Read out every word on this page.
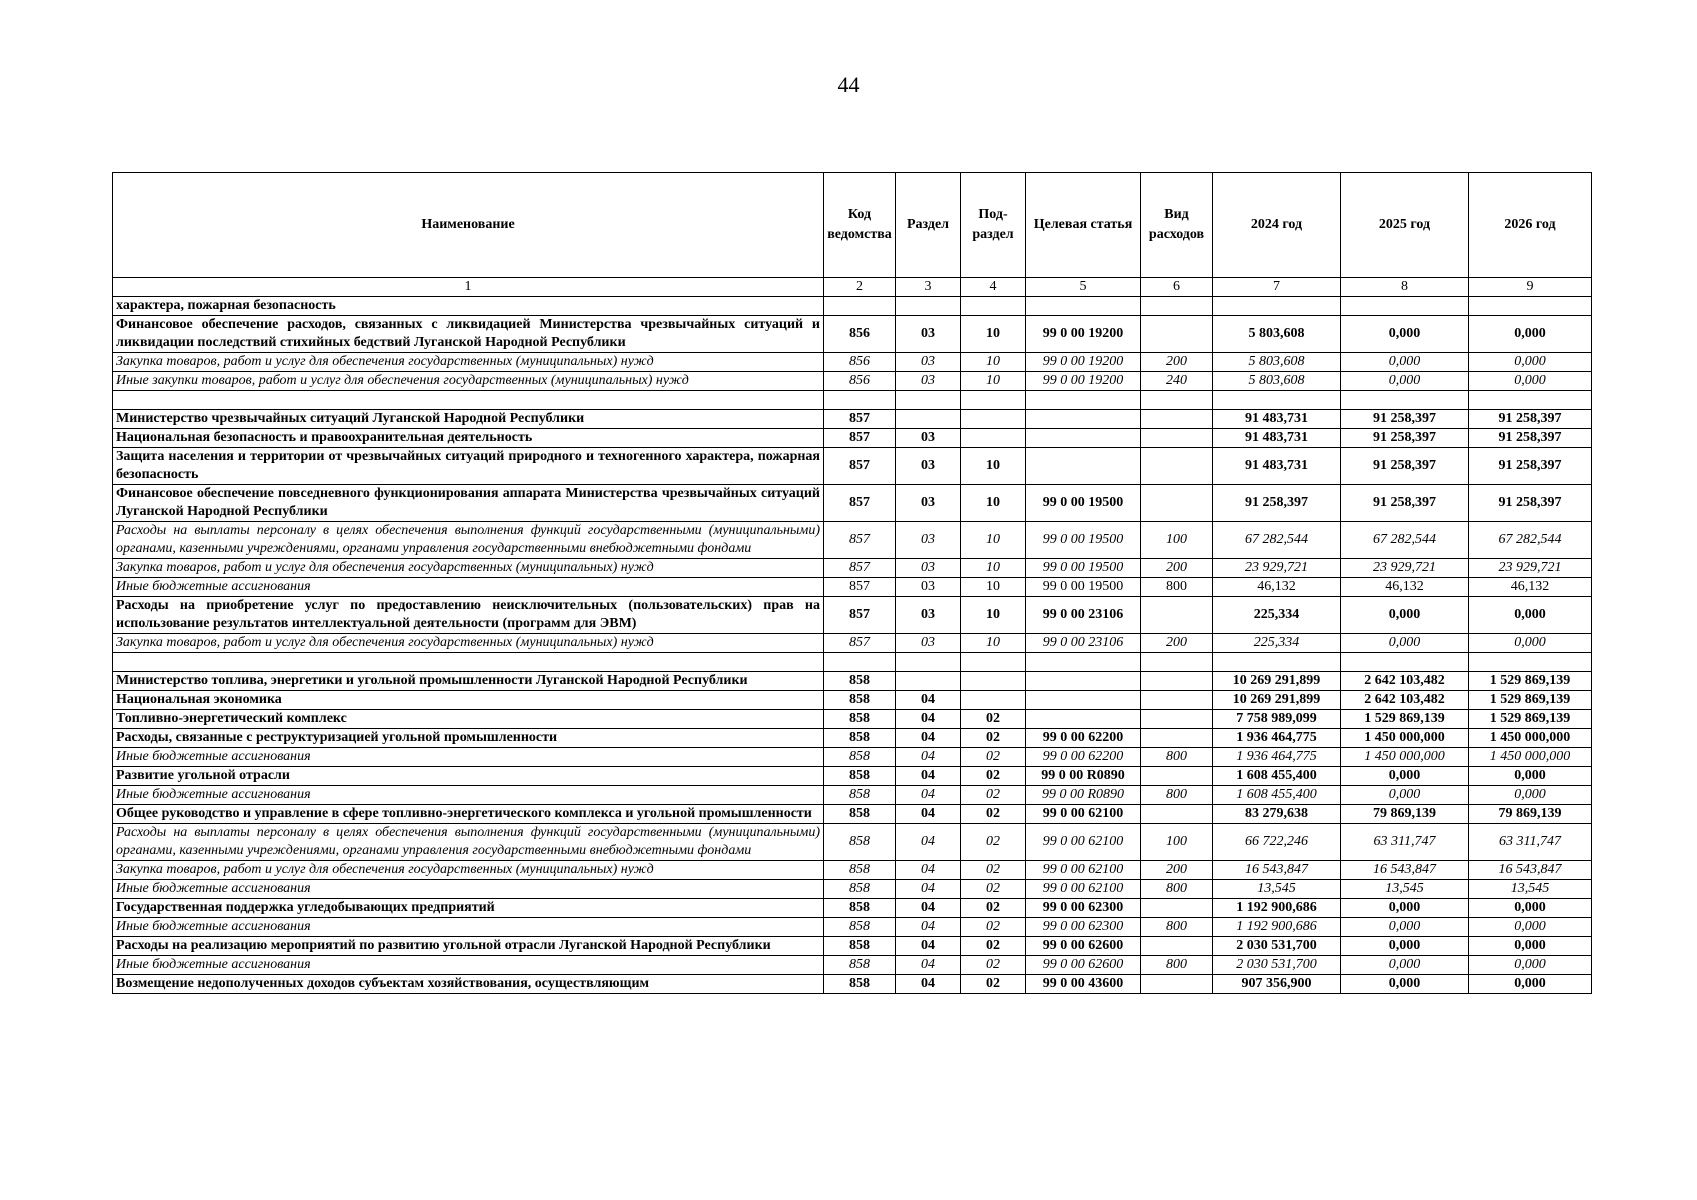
44
Наименование	Код ведомства	Раздел	Под-раздел	Целевая статья	Вид расходов	2024 год	2025 год	2026 год
1	2	3	4	5	6	7	8	9
характера, пожарная безопасность								
Финансовое обеспечение расходов, связанных с ликвидацией Министерства чрезвычайных ситуаций и ликвидации последствий стихийных бедствий Луганской Народной Республики	856	03	10	99 0 00 19200		5 803,608	0,000	0,000
Закупка товаров, работ и услуг для обеспечения государственных (муниципальных) нужд	856	03	10	99 0 00 19200	200	5 803,608	0,000	0,000
Иные закупки товаров, работ и услуг для обеспечения государственных (муниципальных) нужд	856	03	10	99 0 00 19200	240	5 803,608	0,000	0,000

Министерство чрезвычайных ситуаций Луганской Народной Республики	857					91 483,731	91 258,397	91 258,397
Национальная безопасность и правоохранительная деятельность	857	03				91 483,731	91 258,397	91 258,397
Защита населения и территории от чрезвычайных ситуаций природного и техногенного характера, пожарная безопасность	857	03	10			91 483,731	91 258,397	91 258,397
Финансовое обеспечение повседневного функционирования аппарата Министерства чрезвычайных ситуаций Луганской Народной Республики	857	03	10	99 0 00 19500		91 258,397	91 258,397	91 258,397
Расходы на выплаты персоналу в целях обеспечения выполнения функций государственными (муниципальными) органами, казенными учреждениями, органами управления государственными внебюджетными фондами	857	03	10	99 0 00 19500	100	67 282,544	67 282,544	67 282,544
Закупка товаров, работ и услуг для обеспечения государственных (муниципальных) нужд	857	03	10	99 0 00 19500	200	23 929,721	23 929,721	23 929,721
Иные бюджетные ассигнования	857	03	10	99 0 00 19500	800	46,132	46,132	46,132
Расходы на приобретение услуг по предоставлению неисключительных (пользовательских) прав на использование результатов интеллектуальной деятельности (программ для ЭВМ)	857	03	10	99 0 00 23106		225,334	0,000	0,000
Закупка товаров, работ и услуг для обеспечения государственных (муниципальных) нужд	857	03	10	99 0 00 23106	200	225,334	0,000	0,000

Министерство топлива, энергетики и угольной промышленности Луганской Народной Республики	858					10 269 291,899	2 642 103,482	1 529 869,139
Национальная экономика	858	04				10 269 291,899	2 642 103,482	1 529 869,139
Топливно-энергетический комплекс	858	04	02			7 758 989,099	1 529 869,139	1 529 869,139
Расходы, связанные с реструктуризацией угольной промышленности	858	04	02	99 0 00 62200		1 936 464,775	1 450 000,000	1 450 000,000
Иные бюджетные ассигнования	858	04	02	99 0 00 62200	800	1 936 464,775	1 450 000,000	1 450 000,000
Развитие угольной отрасли	858	04	02	99 0 00 R0890		1 608 455,400	0,000	0,000
Иные бюджетные ассигнования	858	04	02	99 0 00 R0890	800	1 608 455,400	0,000	0,000
Общее руководство и управление в сфере топливно-энергетического комплекса и угольной промышленности	858	04	02	99 0 00 62100		83 279,638	79 869,139	79 869,139
Расходы на выплаты персоналу в целях обеспечения выполнения функций государственными (муниципальными) органами, казенными учреждениями, органами управления государственными внебюджетными фондами	858	04	02	99 0 00 62100	100	66 722,246	63 311,747	63 311,747
Закупка товаров, работ и услуг для обеспечения государственных (муниципальных) нужд	858	04	02	99 0 00 62100	200	16 543,847	16 543,847	16 543,847
Иные бюджетные ассигнования	858	04	02	99 0 00 62100	800	13,545	13,545	13,545
Государственная поддержка угледобывающих предприятий	858	04	02	99 0 00 62300		1 192 900,686	0,000	0,000
Иные бюджетные ассигнования	858	04	02	99 0 00 62300	800	1 192 900,686	0,000	0,000
Расходы на реализацию мероприятий по развитию угольной отрасли Луганской Народной Республики	858	04	02	99 0 00 62600		2 030 531,700	0,000	0,000
Иные бюджетные ассигнования	858	04	02	99 0 00 62600	800	2 030 531,700	0,000	0,000
Возмещение недополученных доходов субъектам хозяйствования, осуществляющим	858	04	02	99 0 00 43600		907 356,900	0,000	0,000
